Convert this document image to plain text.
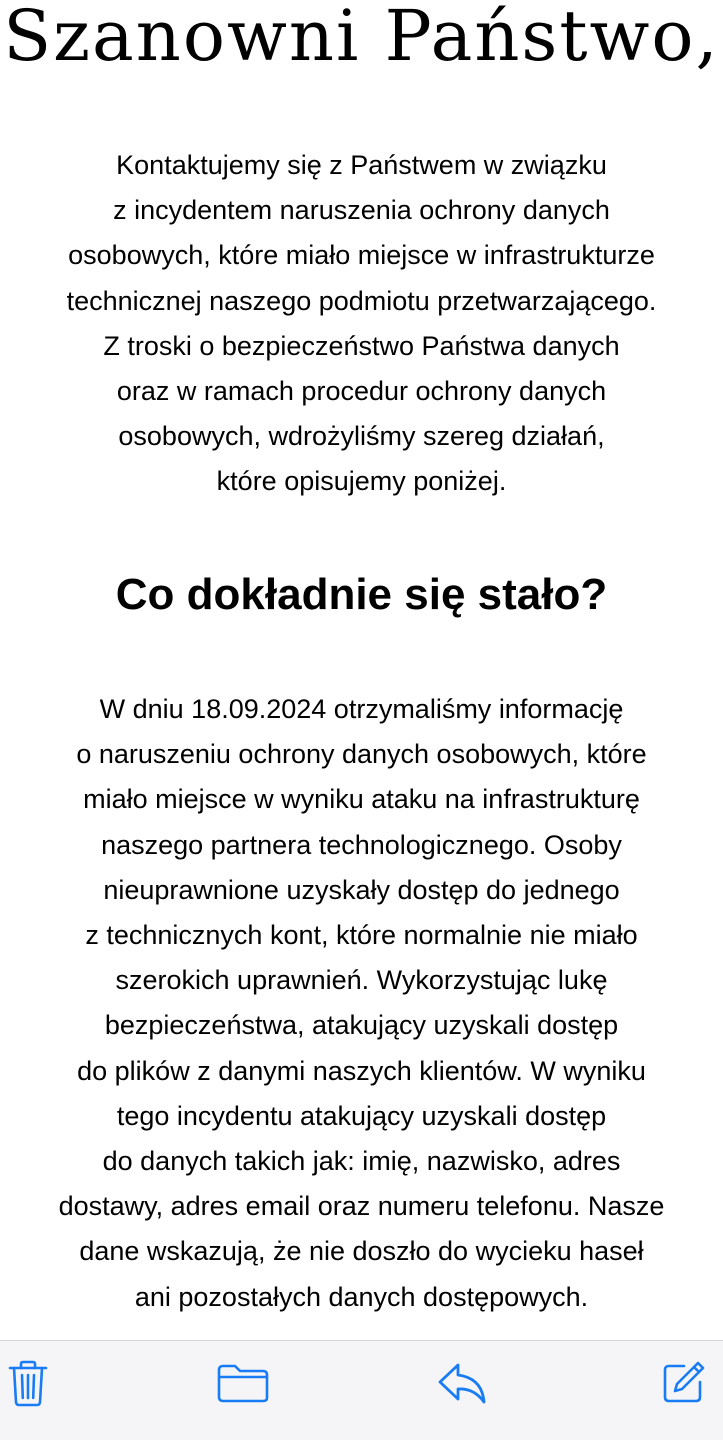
Szanowni Państwo,

Kontaktujemy się z Państwem w związku
z incydentem naruszenia ochrony danych
osobowych, które miało miejsce w infrastrukturze
technicznej naszego podmiotu przetwarzającego.
Z troski o bezpieczeństwo Państwa danych
oraz w ramach procedur ochrony danych
osobowych, wdrożyliśmy szereg działań,
które opisujemy poniżej.

Co dokładnie się stało?

W dniu 18.09.2024 otrzymaliśmy informację
o naruszeniu ochrony danych osobowych, które
miało miejsce w wyniku ataku na infrastrukturę
naszego partnera technologicznego. Osoby
nieuprawnione uzyskały dostęp do jednego
z technicznych kont, które normalnie nie miało
szerokich uprawnień. Wykorzystując lukę
bezpieczeństwa, atakujący uzyskali dostęp
do plików z danymi naszych klientów. W wyniku
tego incydentu atakujący uzyskali dostęp
do danych takich jak: imię, nazwisko, adres
dostawy, adres email oraz numeru telefonu. Nasze
dane wskazują, że nie doszło do wycieku haseł
ani pozostałych danych dostępowych.
